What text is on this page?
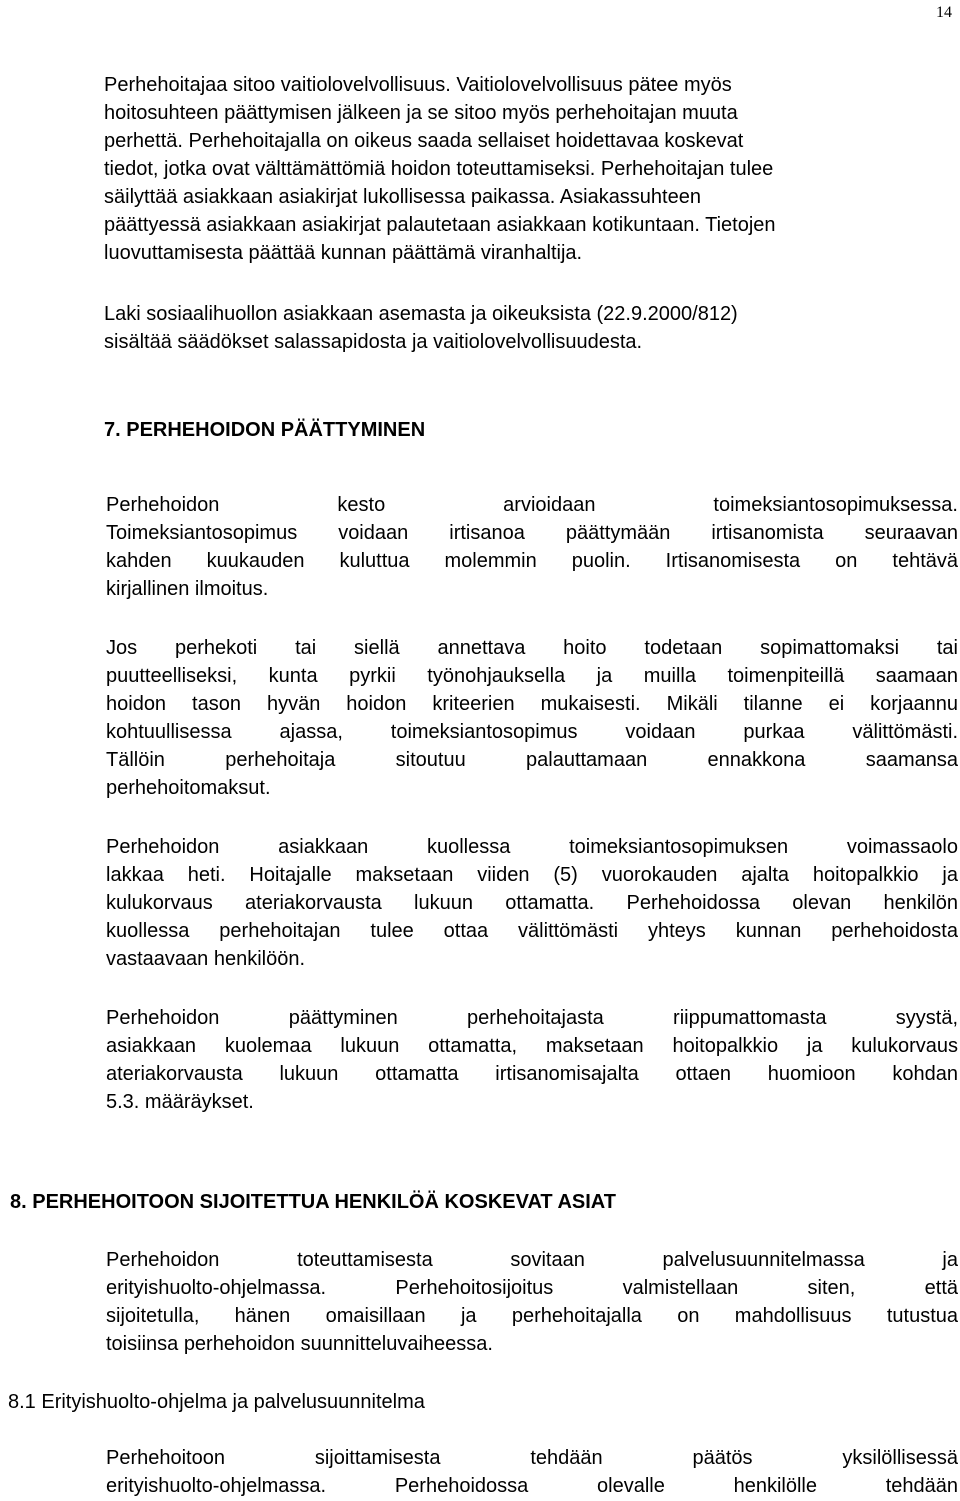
14
Perhehoitajaa sitoo vaitiolovelvollisuus. Vaitiolovelvollisuus pätee myös
hoitosuhteen päättymisen jälkeen ja se sitoo myös perhehoitajan muuta
perhettä. Perhehoitajalla on oikeus saada sellaiset hoidettavaa koskevat
tiedot, jotka ovat välttämättömiä hoidon toteuttamiseksi. Perhehoitajan tulee
säilyttää asiakkaan asiakirjat lukollisessa paikassa. Asiakassuhteen
päättyessä asiakkaan asiakirjat palautetaan asiakkaan kotikuntaan. Tietojen
luovuttamisesta päättää kunnan päättämä viranhaltija.
Laki sosiaalihuollon asiakkaan asemasta ja oikeuksista (22.9.2000/812)
sisältää säädökset salassapidosta ja vaitiolovelvollisuudesta.
7. PERHEHOIDON PÄÄTTYMINEN
Perhehoidon kesto arvioidaan toimeksiantosopimuksessa.
Toimeksiantosopimus voidaan irtisanoa päättymään irtisanomista seuraavan
kahden kuukauden kuluttua molemmin puolin. Irtisanomisesta on tehtävä
kirjallinen ilmoitus.
Jos perhekoti tai siellä annettava hoito todetaan sopimattomaksi tai
puutteelliseksi, kunta pyrkii työnohjauksella ja muilla toimenpiteillä saamaan
hoidon tason hyvän hoidon kriteerien mukaisesti. Mikäli tilanne ei korjaannu
kohtuullisessa ajassa, toimeksiantosopimus voidaan purkaa välittömästi.
Tällöin perhehoitaja sitoutuu palauttamaan ennakkona saamansa
perhehoitomaksut.
Perhehoidon asiakkaan kuollessa toimeksiantosopimuksen voimassaolo
lakkaa heti. Hoitajalle maksetaan viiden (5) vuorokauden ajalta hoitopalkkio ja
kulukorvaus ateriakorvausta lukuun ottamatta. Perhehoidossa olevan henkilön
kuollessa perhehoitajan tulee ottaa välittömästi yhteys kunnan perhehoidosta
vastaavaan henkilöön.
Perhehoidon päättyminen perhehoitajasta riippumattomasta syystä,
asiakkaan kuolemaa lukuun ottamatta, maksetaan hoitopalkkio ja kulukorvaus
ateriakorvausta lukuun ottamatta irtisanomisajalta ottaen huomioon kohdan
5.3. määräykset.
8. PERHEHOITOON SIJOITETTUA HENKILÖÄ KOSKEVAT ASIAT
Perhehoidon toteuttamisesta sovitaan palvelusuunnitelmassa ja
erityishuolto-ohjelmassa. Perhehoitosijoitus valmistellaan siten, että
sijoitetulla, hänen omaisillaan ja perhehoitajalla on mahdollisuus tutustua
toisiinsa perhehoidon suunnitteluvaiheessa.
8.1 Erityishuolto-ohjelma ja palvelusuunnitelma
Perhehoitoon sijoittamisesta tehdään päätös yksilöllisessä
erityishuolto-ohjelmassa. Perhehoidossa olevalle henkilölle tehdään
